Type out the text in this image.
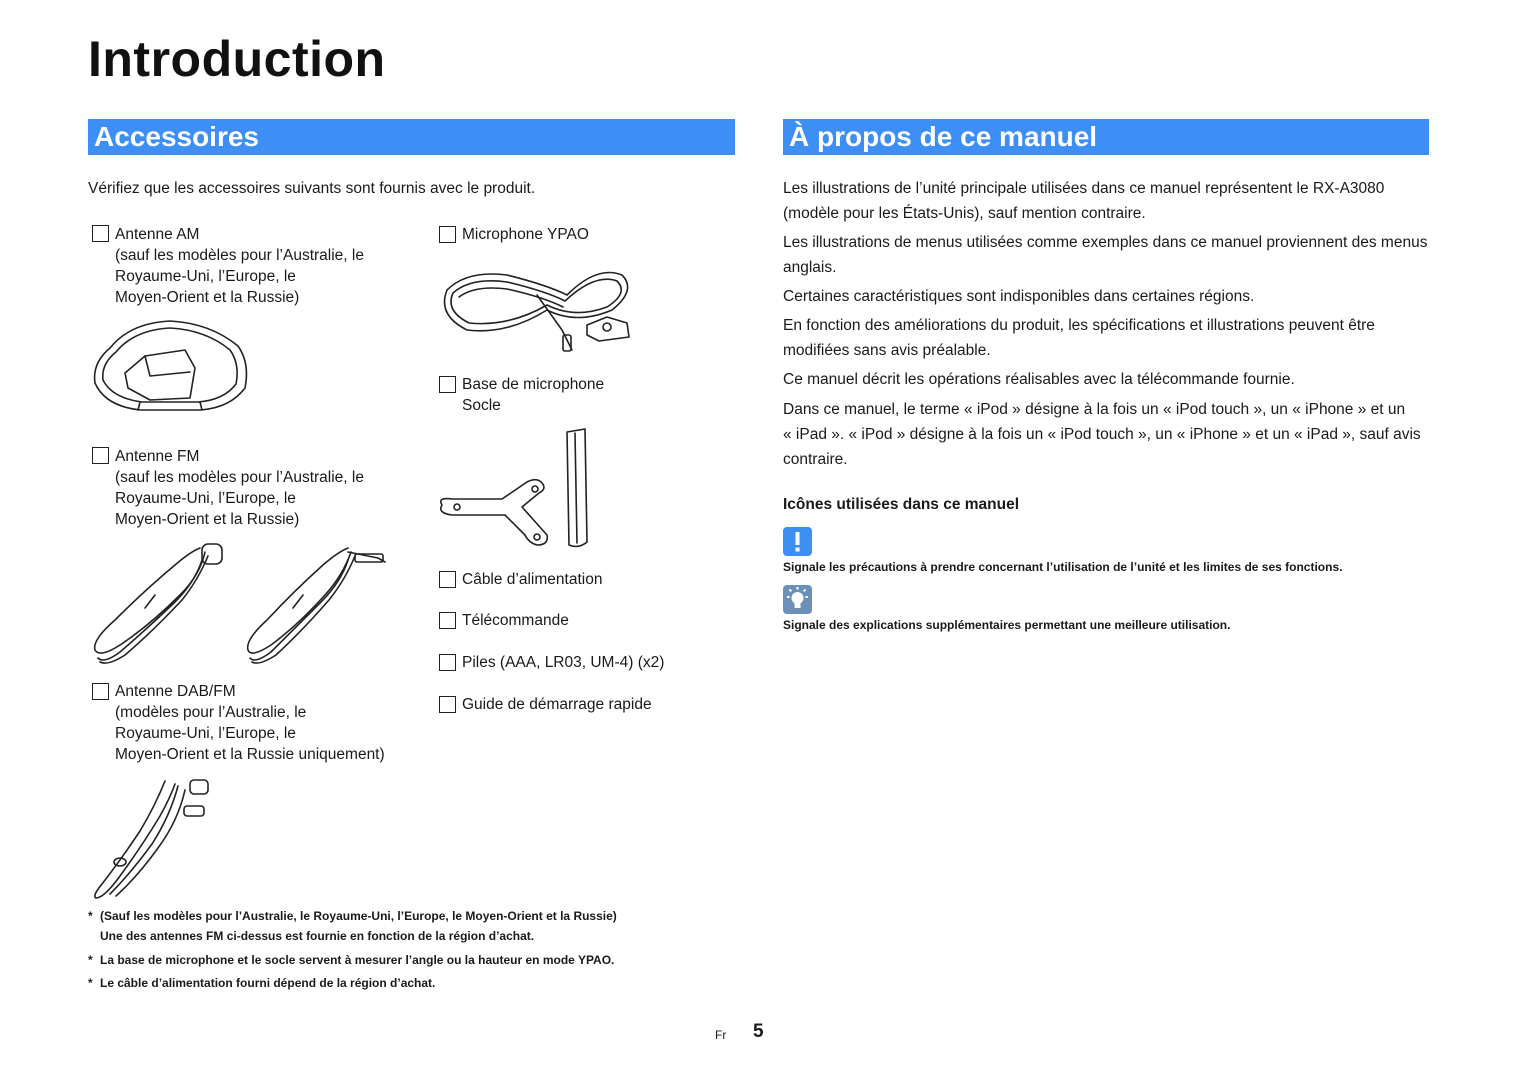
Introduction
Accessoires

Vérifiez que les accessoires suivants sont fournis avec le produit.

Antenne AM
(sauf les modèles pour l’Australie, le
Royaume-Uni, l’Europe, le
Moyen-Orient et la Russie)
Antenne FM
(sauf les modèles pour l’Australie, le
Royaume-Uni, l’Europe, le
Moyen-Orient et la Russie)
Antenne DAB/FM
(modèles pour l’Australie, le
Royaume-Uni, l’Europe, le
Moyen-Orient et la Russie uniquement)
Microphone YPAO
Base de microphone
Socle
Câble d’alimentation
Télécommande
Piles (AAA, LR03, UM-4) (x2)
Guide de démarrage rapide
* (Sauf les modèles pour l’Australie, le Royaume-Uni, l’Europe, le Moyen-Orient et la Russie)
Une des antennes FM ci-dessus est fournie en fonction de la région d’achat.
* La base de microphone et le socle servent à mesurer l’angle ou la hauteur en mode YPAO.
* Le câble d’alimentation fourni dépend de la région d’achat.
À propos de ce manuel
Les illustrations de l’unité principale utilisées dans ce manuel représentent le RX-A3080
(modèle pour les États-Unis), sauf mention contraire.
Les illustrations de menus utilisées comme exemples dans ce manuel proviennent des menus
anglais.
Certaines caractéristiques sont indisponibles dans certaines régions.
En fonction des améliorations du produit, les spécifications et illustrations peuvent être
modifiées sans avis préalable.
Ce manuel décrit les opérations réalisables avec la télécommande fournie.
Dans ce manuel, le terme « iPod » désigne à la fois un « iPod touch », un « iPhone » et un
« iPad ». « iPod » désigne à la fois un « iPod touch », un « iPhone » et un « iPad », sauf avis
contraire.
Icônes utilisées dans ce manuel
Signale les précautions à prendre concernant l’utilisation de l’unité et les limites de ses fonctions.
Signale des explications supplémentaires permettant une meilleure utilisation.
Fr 5
